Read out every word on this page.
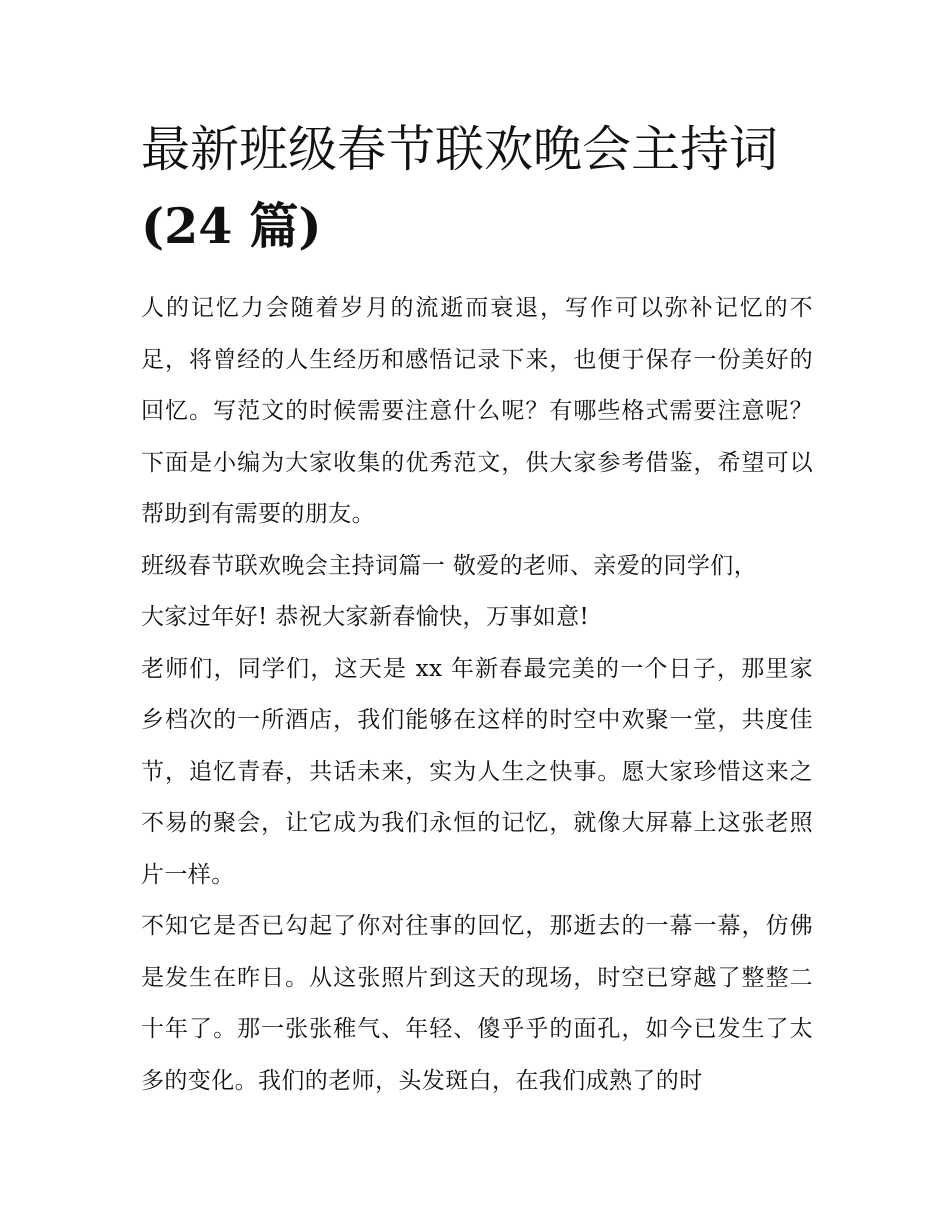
最新班级春节联欢晚会主持词
(24 篇)

人的记忆力会随着岁月的流逝而衰退，写作可以弥补记忆的不足，将曾经的人生经历和感悟记录下来，也便于保存一份美好的回忆。写范文的时候需要注意什么呢？有哪些格式需要注意呢？下面是小编为大家收集的优秀范文，供大家参考借鉴，希望可以帮助到有需要的朋友。

班级春节联欢晚会主持词篇一 敬爱的老师、亲爱的同学们，

大家过年好! 恭祝大家新春愉快，万事如意!

老师们，同学们，这天是 xx 年新春最完美的一个日子，那里家乡档次的一所酒店，我们能够在这样的时空中欢聚一堂，共度佳节，追忆青春，共话未来，实为人生之快事。愿大家珍惜这来之不易的聚会，让它成为我们永恒的记忆，就像大屏幕上这张老照片一样。

不知它是否已勾起了你对往事的回忆，那逝去的一幕一幕，仿佛是发生在昨日。从这张照片到这天的现场，时空已穿越了整整二十年了。那一张张稚气、年轻、傻乎乎的面孔，如今已发生了太多的变化。我们的老师，头发斑白，在我们成熟了的时
